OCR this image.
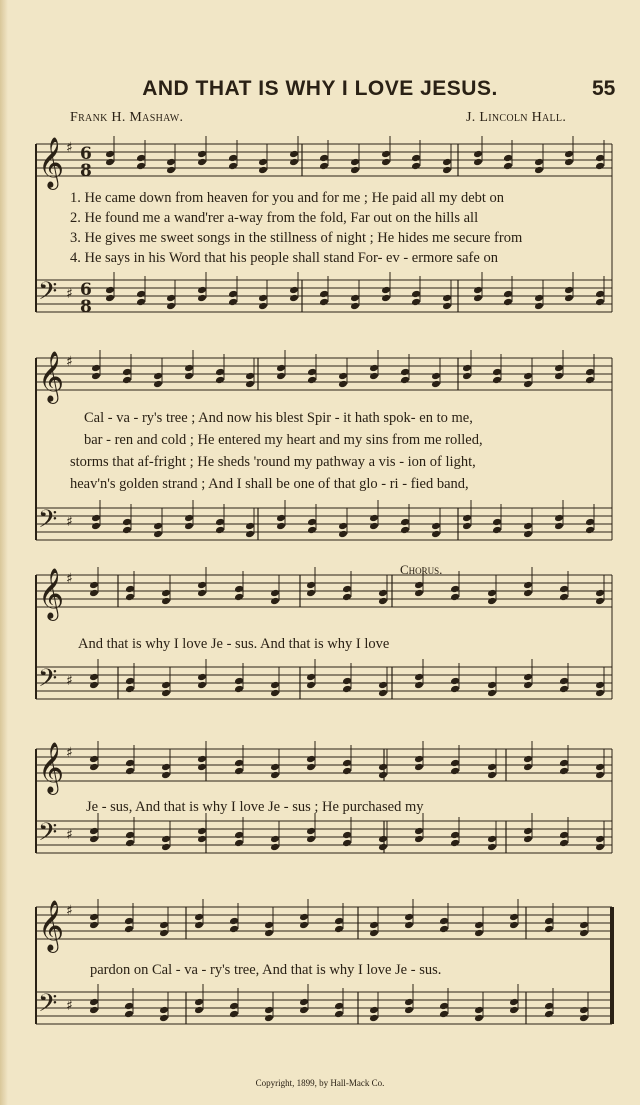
AND THAT IS WHY I LOVE JESUS.	55
Frank H. Mashaw.	J. Lincoln Hall.
𝄞 ♯ 6
8
𝄢 ♯ 6
8
𝄞 ♯
𝄢 ♯
𝄞 ♯
𝄢 ♯
𝄞 ♯
𝄢 ♯
𝄞 ♯
𝄢 ♯
1. He came down from heaven for you and for me ; He paid all my debt on
2. He found me a wand'rer a-way from the fold, Far out on the hills all
3. He gives me sweet songs in the stillness of night ; He hides me secure from
4. He says in his Word that his people shall stand For- ev - ermore safe on
Cal - va - ry's tree ; And now his blest Spir - it hath spok- en to me,
bar - ren and cold ; He entered my heart and my sins from me rolled,
storms that af-fright ; He sheds 'round my pathway a vis - ion of light,
heav'n's golden strand ; And I shall be one of that glo - ri - fied band,
Chorus.
And that is why I love Je - sus. And that is why I love
Je - sus, And that is why I love Je - sus ; He purchased my
pardon on Cal - va - ry's tree, And that is why I love Je - sus.
Copyright, 1899, by Hall-Mack Co.
